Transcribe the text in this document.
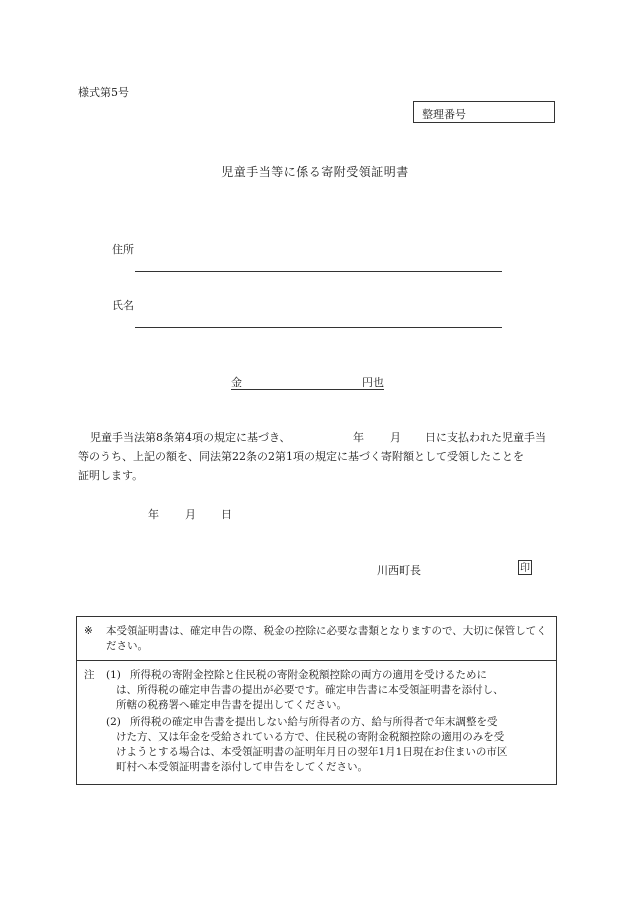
様式第5号
整理番号
児童手当等に係る寄附受領証明書
住所
氏名
金	円也
児童手当法第8条第4項の規定に基づき、	年 月 日に支払われた児童手当
等のうち、上記の額を、同法第22条の2第1項の規定に基づく寄附額として受領したことを
証明します。
年 月 日
川西町長	印
※ 本受領証明書は、確定申告の際、税金の控除に必要な書類となりますので、大切に保管してください。
注 (1) 所得税の寄附金控除と住民税の寄附金税額控除の両方の適用を受けるために
は、所得税の確定申告書の提出が必要です。確定申告書に本受領証明書を添付し、
所轄の税務署へ確定申告書を提出してください。
(2) 所得税の確定申告書を提出しない給与所得者の方、給与所得者で年末調整を受
けた方、又は年金を受給されている方で、住民税の寄附金税額控除の適用のみを受
けようとする場合は、本受領証明書の証明年月日の翌年1月1日現在お住まいの市区
町村へ本受領証明書を添付して申告をしてください。
